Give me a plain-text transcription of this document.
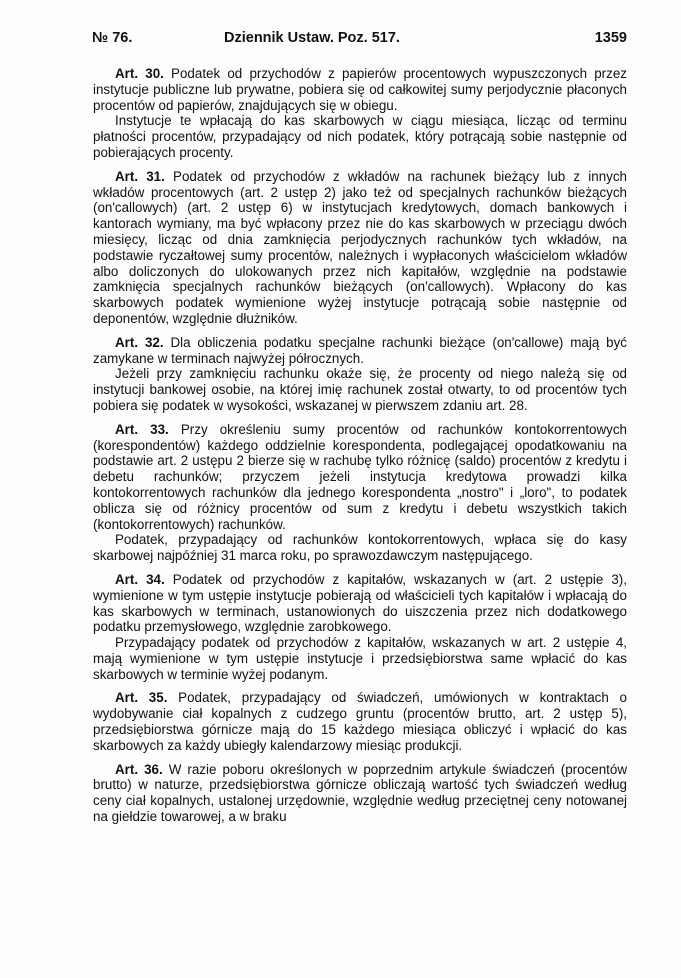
№ 76.	Dziennik Ustaw. Poz. 517.	1359

Art. 30. Podatek od przychodów z papierów procentowych wypuszczonych przez instytucje publiczne lub prywatne, pobiera się od całkowitej sumy perjodycznie płaconych procentów od papierów, znajdujących się w obiegu.

Instytucje te wpłacają do kas skarbowych w ciągu miesiąca, licząc od terminu płatności procentów, przypadający od nich podatek, który potrącają sobie następnie od pobierających procenty.

Art. 31. Podatek od przychodów z wkładów na rachunek bieżący lub z innych wkładów procentowych (art. 2 ustęp 2) jako też od specjalnych rachunków bieżących (on'callowych) (art. 2 ustęp 6) w instytucjach kredytowych, domach bankowych i kantorach wymiany, ma być wpłacony przez nie do kas skarbowych w przeciągu dwóch miesięcy, licząc od dnia zamknięcia perjodycznych rachunków tych wkładów, na podstawie ryczałtowej sumy procentów, należnych i wypłaconych właścicielom wkładów albo doliczonych do ulokowanych przez nich kapitałów, względnie na podstawie zamknięcia specjalnych rachunków bieżących (on'callowych). Wpłacony do kas skarbowych podatek wymienione wyżej instytucje potrącają sobie następnie od deponentów, względnie dłużników.

Art. 32. Dla obliczenia podatku specjalne rachunki bieżące (on'callowe) mają być zamykane w terminach najwyżej półrocznych.

Jeżeli przy zamknięciu rachunku okaże się, że procenty od niego należą się od instytucji bankowej osobie, na której imię rachunek został otwarty, to od procentów tych pobiera się podatek w wysokości, wskazanej w pierwszem zdaniu art. 28.

Art. 33. Przy określeniu sumy procentów od rachunków kontokorrentowych (korespondentów) każdego oddzielnie korespondenta, podlegającej opodatkowaniu na podstawie art. 2 ustępu 2 bierze się w rachubę tylko różnicę (saldo) procentów z kredytu i debetu rachunków; przyczem jeżeli instytucja kredytowa prowadzi kilka kontokorrentowych rachunków dla jednego korespondenta „nostro" i „loro", to podatek oblicza się od różnicy procentów od sum z kredytu i debetu wszystkich takich (kontokorrentowych) rachunków.

Podatek, przypadający od rachunków kontokorrentowych, wpłaca się do kasy skarbowej najpóźniej 31 marca roku, po sprawozdawczym następującego.

Art. 34. Podatek od przychodów z kapitałów, wskazanych w (art. 2 ustępie 3), wymienione w tym ustępie instytucje pobierają od właścicieli tych kapitałów i wpłacają do kas skarbowych w terminach, ustanowionych do uiszczenia przez nich dodatkowego podatku przemysłowego, względnie zarobkowego.

Przypadający podatek od przychodów z kapitałów, wskazanych w art. 2 ustępie 4, mają wymienione w tym ustępie instytucje i przedsiębiorstwa same wpłacić do kas skarbowych w terminie wyżej podanym.

Art. 35. Podatek, przypadający od świadczeń, umówionych w kontraktach o wydobywanie ciał kopalnych z cudzego gruntu (procentów brutto, art. 2 ustęp 5), przedsiębiorstwa górnicze mają do 15 każdego miesiąca obliczyć i wpłacić do kas skarbowych za każdy ubiegły kalendarzowy miesiąc produkcji.

Art. 36. W razie poboru określonych w poprzednim artykule świadczeń (procentów brutto) w naturze, przedsiębiorstwa górnicze obliczają wartość tych świadczeń według ceny ciał kopalnych, ustalonej urzędownie, względnie według przeciętnej ceny notowanej na giełdzie towarowej, a w braku
